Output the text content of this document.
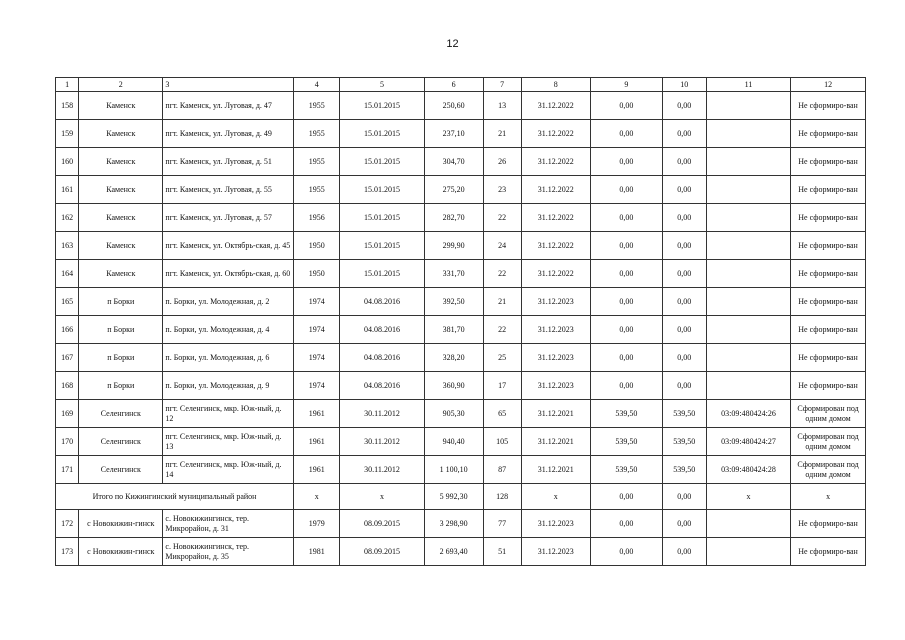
12
1	2	3	4	5	6	7	8	9	10	11	12
158	Каменск	пгт. Каменск, ул. Луговая, д. 47	1955	15.01.2015	250,60	13	31.12.2022	0,00	0,00		Не сформиро-ван
159	Каменск	пгт. Каменск, ул. Луговая, д. 49	1955	15.01.2015	237,10	21	31.12.2022	0,00	0,00		Не сформиро-ван
160	Каменск	пгт. Каменск, ул. Луговая, д. 51	1955	15.01.2015	304,70	26	31.12.2022	0,00	0,00		Не сформиро-ван
161	Каменск	пгт. Каменск, ул. Луговая, д. 55	1955	15.01.2015	275,20	23	31.12.2022	0,00	0,00		Не сформиро-ван
162	Каменск	пгт. Каменск, ул. Луговая, д. 57	1956	15.01.2015	282,70	22	31.12.2022	0,00	0,00		Не сформиро-ван
163	Каменск	пгт. Каменск, ул. Октябрь-ская, д. 45	1950	15.01.2015	299,90	24	31.12.2022	0,00	0,00		Не сформиро-ван
164	Каменск	пгт. Каменск, ул. Октябрь-ская, д. 60	1950	15.01.2015	331,70	22	31.12.2022	0,00	0,00		Не сформиро-ван
165	п Борки	п. Борки, ул. Молодежная, д. 2	1974	04.08.2016	392,50	21	31.12.2023	0,00	0,00		Не сформиро-ван
166	п Борки	п. Борки, ул. Молодежная, д. 4	1974	04.08.2016	381,70	22	31.12.2023	0,00	0,00		Не сформиро-ван
167	п Борки	п. Борки, ул. Молодежная, д. 6	1974	04.08.2016	328,20	25	31.12.2023	0,00	0,00		Не сформиро-ван
168	п Борки	п. Борки, ул. Молодежная, д. 9	1974	04.08.2016	360,90	17	31.12.2023	0,00	0,00		Не сформиро-ван
169	Селенгинск	пгт. Селенгинск, мкр. Юж-ный, д. 12	1961	30.11.2012	905,30	65	31.12.2021	539,50	539,50	03:09:480424:26	Сформирован под одним домом
170	Селенгинск	пгт. Селенгинск, мкр. Юж-ный, д. 13	1961	30.11.2012	940,40	105	31.12.2021	539,50	539,50	03:09:480424:27	Сформирован под одним домом
171	Селенгинск	пгт. Селенгинск, мкр. Юж-ный, д. 14	1961	30.11.2012	1 100,10	87	31.12.2021	539,50	539,50	03:09:480424:28	Сформирован под одним домом
Итого по Кижингинский муниципальный район			x	x	5 992,30	128	x	0,00	0,00	x	x
172	с Новокижин-гинск	с. Новокижингинск, тер. Микрорайон, д. 31	1979	08.09.2015	3 298,90	77	31.12.2023	0,00	0,00		Не сформиро-ван
173	с Новокижин-гинск	с. Новокижингинск, тер. Микрорайон, д. 35	1981	08.09.2015	2 693,40	51	31.12.2023	0,00	0,00		Не сформиро-ван
